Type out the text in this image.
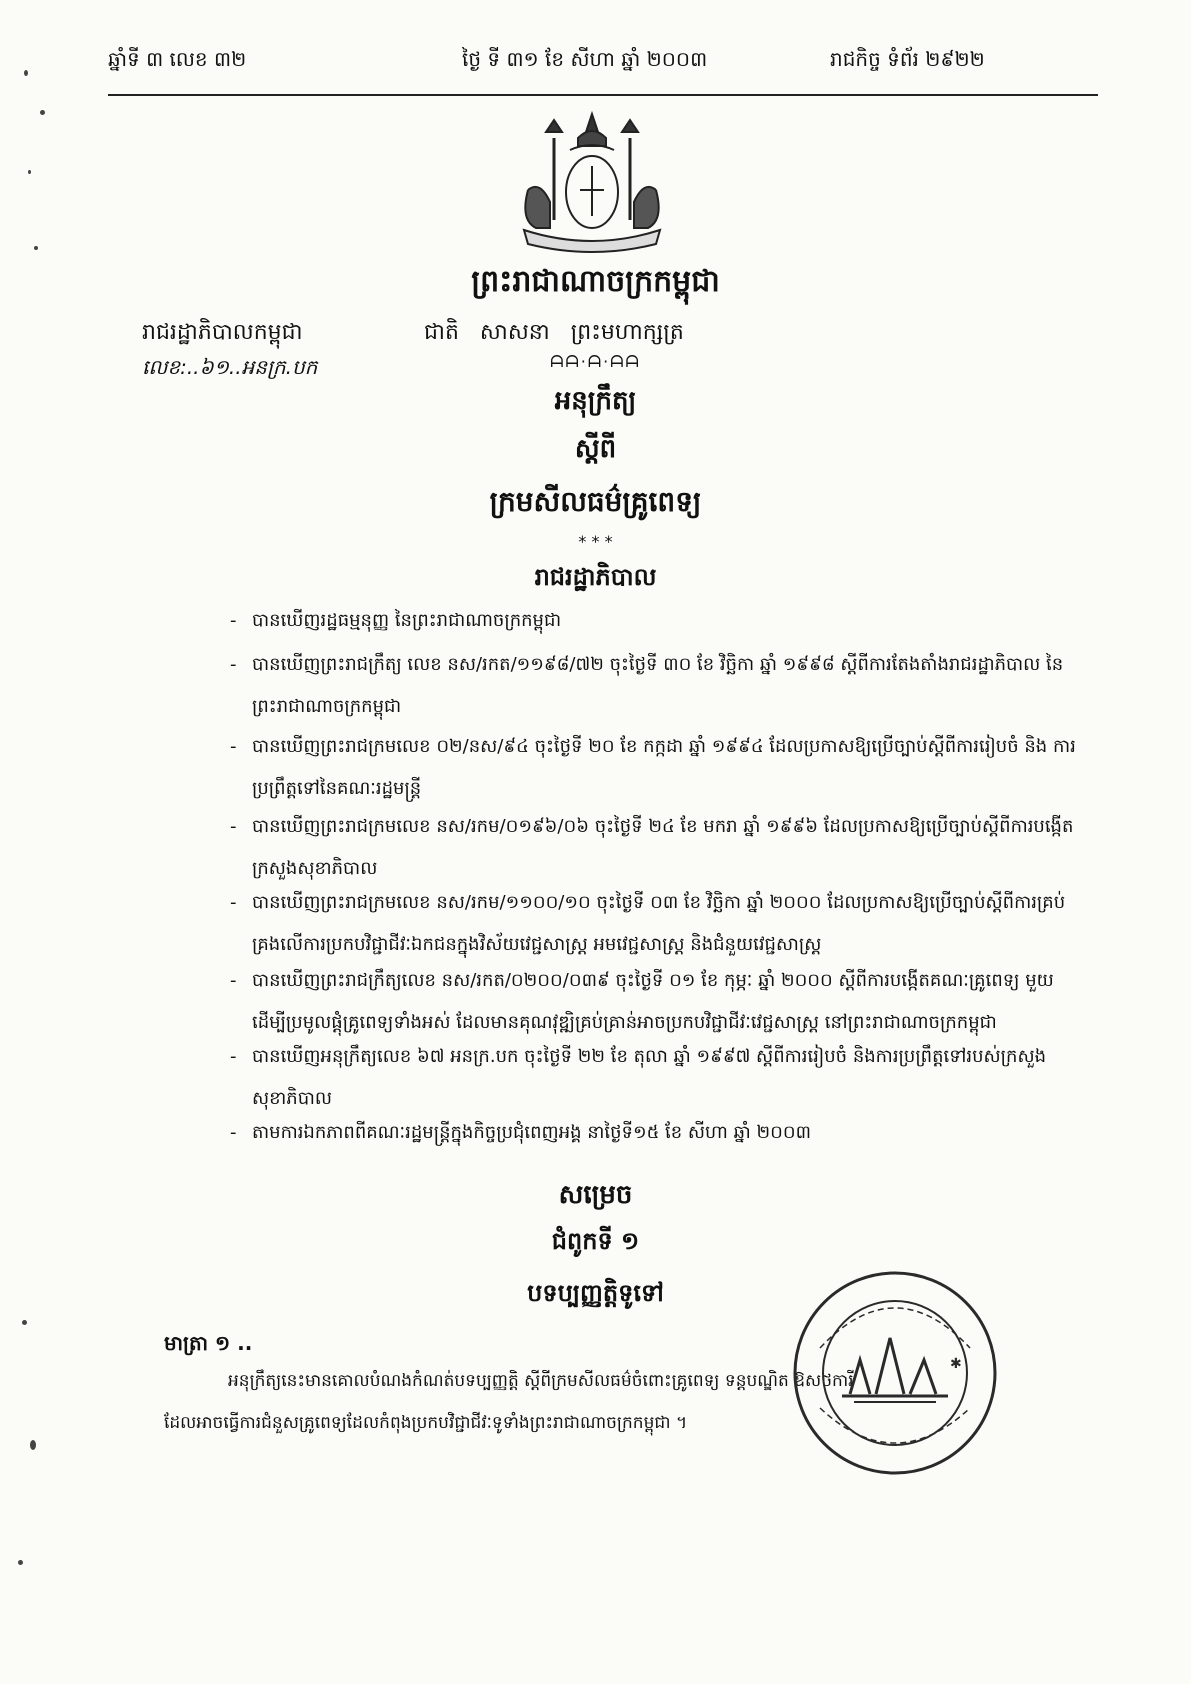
ឆ្នាំទី ៣ លេខ ៣២	ថ្ងៃ ទី ៣១ ខែ សីហា ឆ្នាំ ២០០៣	រាជកិច្ច ទំព័រ ២៩២២
ព្រះរាជាណាចក្រកម្ពុជា
រាជរដ្ឋាភិបាលកម្ពុជា	ជាតិ   សាសនា   ព្រះមហាក្សត្រ
លេខ:..៦១..អនក្រ.បក	ᗩᗩ·ᗩ·ᗩᗩ
អនុក្រឹត្យ
ស្តីពី
ក្រមសីលធម៌គ្រូពេទ្យ
* * *
រាជរដ្ឋាភិបាល
- បានឃើញរដ្ឋធម្មនុញ្ញ នៃព្រះរាជាណាចក្រកម្ពុជា
- បានឃើញព្រះរាជក្រឹត្យ លេខ នស/រកត/១១៩៨/៧២ ចុះថ្ងៃទី ៣០ ខែ វិច្ឆិកា ឆ្នាំ ១៩៩៨ ស្តីពីការតែងតាំងរាជរដ្ឋាភិបាល នៃព្រះរាជាណាចក្រកម្ពុជា
- បានឃើញព្រះរាជក្រមលេខ ០២/នស/៩៤ ចុះថ្ងៃទី ២០ ខែ កក្កដា ឆ្នាំ ១៩៩៤ ដែលប្រកាសឱ្យប្រើច្បាប់ស្តីពីការរៀបចំ និង ការប្រព្រឹត្តទៅនៃគណៈរដ្ឋមន្ត្រី
- បានឃើញព្រះរាជក្រមលេខ នស/រកម/០១៩៦/០៦ ចុះថ្ងៃទី ២៤ ខែ មករា ឆ្នាំ ១៩៩៦ ដែលប្រកាសឱ្យប្រើច្បាប់ស្តីពីការបង្កើតក្រសួងសុខាភិបាល
- បានឃើញព្រះរាជក្រមលេខ នស/រកម/១១០០/១០ ចុះថ្ងៃទី ០៣ ខែ វិច្ឆិកា ឆ្នាំ ២០០០ ដែលប្រកាសឱ្យប្រើច្បាប់ស្តីពីការគ្រប់គ្រងលើការប្រកបវិជ្ជាជីវៈឯកជនក្នុងវិស័យវេជ្ជសាស្ត្រ អមវេជ្ជសាស្ត្រ និងជំនួយវេជ្ជសាស្ត្រ
- បានឃើញព្រះរាជក្រឹត្យលេខ នស/រកត/០២០០/០៣៩ ចុះថ្ងៃទី ០១ ខែ កុម្ភៈ ឆ្នាំ ២០០០ ស្តីពីការបង្កើតគណៈគ្រូពេទ្យ មួយដើម្បីប្រមូលផ្តុំគ្រូពេទ្យទាំងអស់ ដែលមានគុណវុឌ្ឍិគ្រប់គ្រាន់អាចប្រកបវិជ្ជាជីវៈវេជ្ជសាស្ត្រ នៅព្រះរាជាណាចក្រកម្ពុជា
- បានឃើញអនុក្រឹត្យលេខ ៦៧ អនក្រ.បក ចុះថ្ងៃទី ២២ ខែ តុលា ឆ្នាំ ១៩៩៧ ស្តីពីការរៀបចំ និងការប្រព្រឹត្តទៅរបស់ក្រសួងសុខាភិបាល
- តាមការឯកភាពពីគណៈរដ្ឋមន្ត្រីក្នុងកិច្ចប្រជុំពេញអង្គ នាថ្ងៃទី១៥ ខែ សីហា ឆ្នាំ ២០០៣
សម្រេច
ជំពូកទី ១
បទប្បញ្ញត្តិទូទៅ
មាត្រា ១ ..
អនុក្រឹត្យនេះមានគោលបំណងកំណត់បទប្បញ្ញត្តិ ស្តីពីក្រមសីលធម៌ចំពោះគ្រូពេទ្យ ទន្តបណ្ឌិត ឱសថការី
ដែលអាចធ្វើការជំនួសគ្រូពេទ្យដែលកំពុងប្រកបវិជ្ជាជីវៈទូទាំងព្រះរាជាណាចក្រកម្ពុជា ។
✱
